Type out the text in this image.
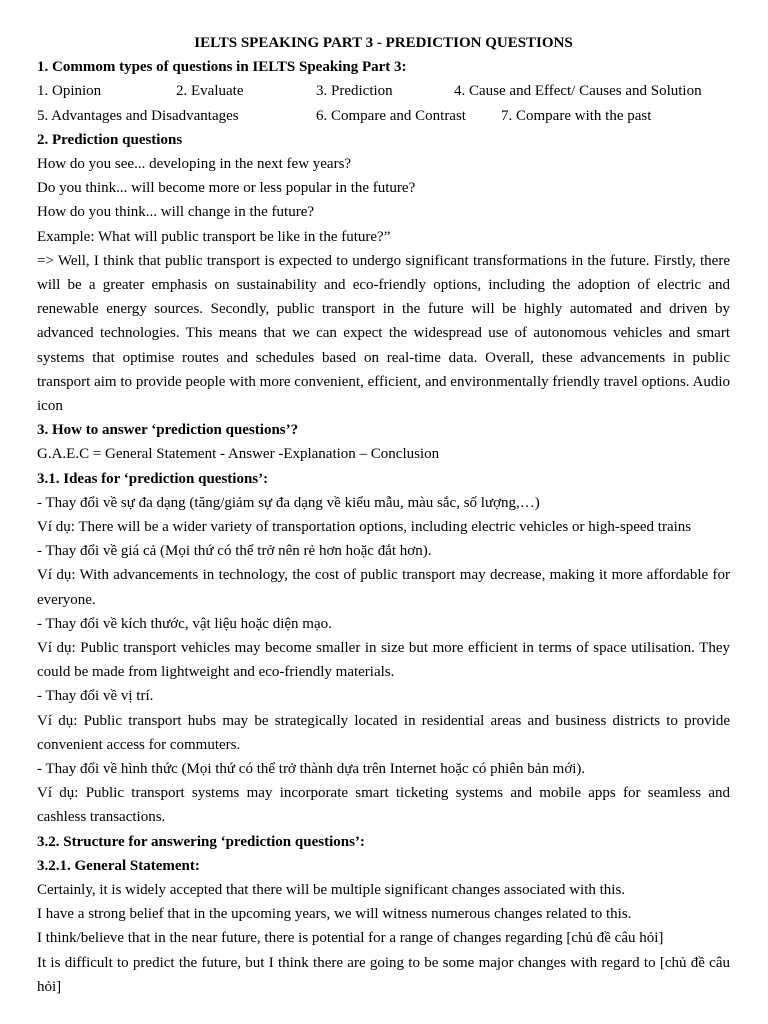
IELTS SPEAKING PART 3 - PREDICTION QUESTIONS

1. Commom types of questions in IELTS Speaking Part 3:

1. Opinion	2. Evaluate	3. Prediction	4. Cause and Effect/ Causes and Solution
5. Advantages and Disadvantages	6. Compare and Contrast 7. Compare with the past

2. Prediction questions

How do you see... developing in the next few years?

Do you think... will become more or less popular in the future?

How do you think... will change in the future?

Example: What will public transport be like in the future?”

=> Well, I think that public transport is expected to undergo significant transformations in the future. Firstly, there will be a greater emphasis on sustainability and eco-friendly options, including the adoption of electric and renewable energy sources. Secondly, public transport in the future will be highly automated and driven by advanced technologies. This means that we can expect the widespread use of autonomous vehicles and smart systems that optimise routes and schedules based on real-time data. Overall, these advancements in public transport aim to provide people with more convenient, efficient, and environmentally friendly travel options. Audio icon

3. How to answer ‘prediction questions’?

G.A.E.C = General Statement - Answer -Explanation – Conclusion

3.1. Ideas for ‘prediction questions’:

- Thay đổi về sự đa dạng (tăng/giảm sự đa dạng về kiểu mẫu, màu sắc, số lượng,…)

Ví dụ: There will be a wider variety of transportation options, including electric vehicles or high-speed trains

- Thay đổi về giá cả (Mọi thứ có thể trở nên rẻ hơn hoặc đắt hơn).

Ví dụ: With advancements in technology, the cost of public transport may decrease, making it more affordable for everyone.

- Thay đổi về kích thước, vật liệu hoặc diện mạo.

Ví dụ: Public transport vehicles may become smaller in size but more efficient in terms of space utilisation. They could be made from lightweight and eco-friendly materials.

- Thay đổi về vị trí.

Ví dụ: Public transport hubs may be strategically located in residential areas and business districts to provide convenient access for commuters.

- Thay đổi về hình thức (Mọi thứ có thể trở thành dựa trên Internet hoặc có phiên bản mới).

Ví dụ: Public transport systems may incorporate smart ticketing systems and mobile apps for seamless and cashless transactions.

3.2. Structure for answering ‘prediction questions’:

3.2.1. General Statement:

Certainly, it is widely accepted that there will be multiple significant changes associated with this.

I have a strong belief that in the upcoming years, we will witness numerous changes related to this.

I think/believe that in the near future, there is potential for a range of changes regarding [chủ đề câu hỏi]

It is difficult to predict the future, but I think there are going to be some major changes with regard to [chủ đề câu hỏi]
